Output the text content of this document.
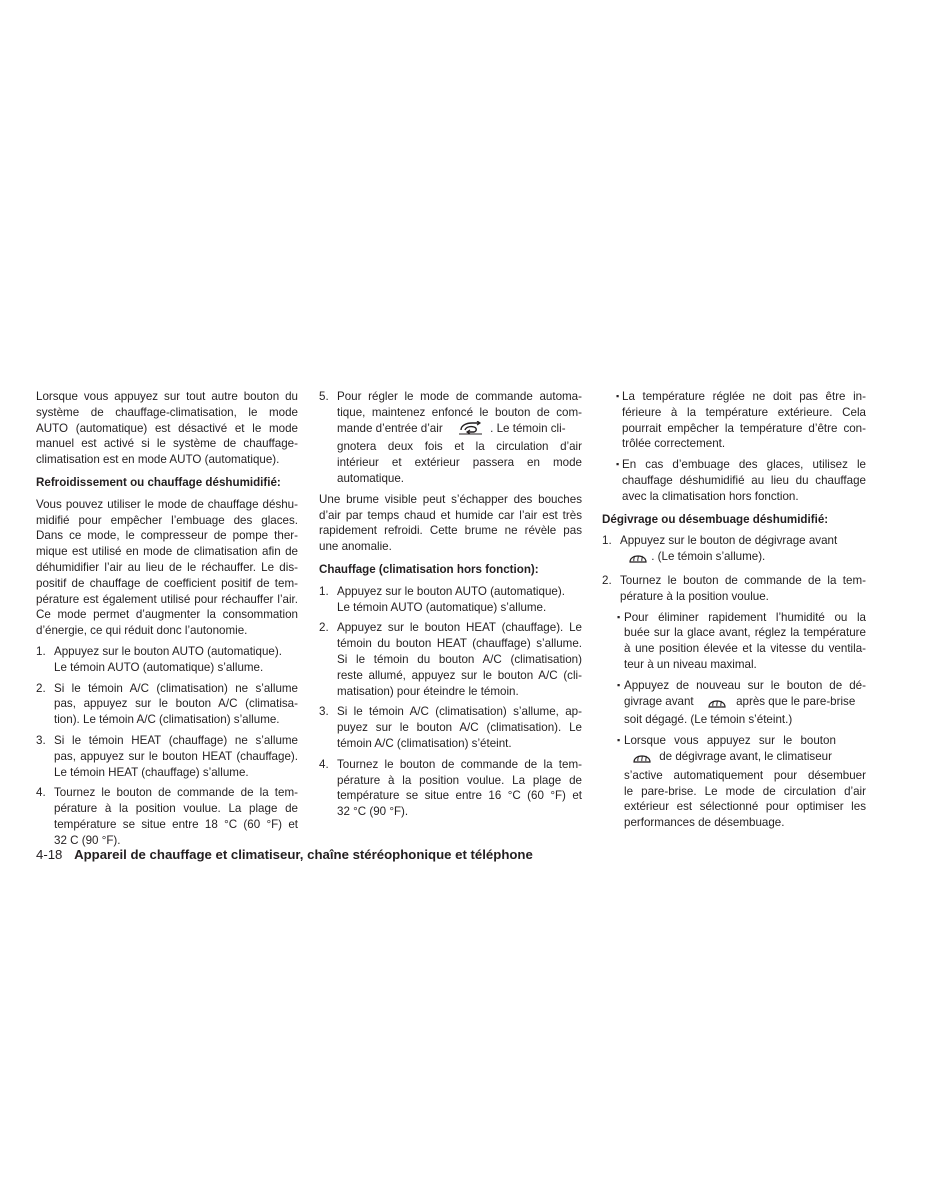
Lorsque vous appuyez sur tout autre bouton du
système de chauffage-climatisation, le mode
AUTO (automatique) est désactivé et le mode
manuel est activé si le système de chauffage-
climatisation est en mode AUTO (automatique).
Refroidissement ou chauffage déshumidifié:
Vous pouvez utiliser le mode de chauffage déshu-
midifié pour empêcher l’embuage des glaces.
Dans ce mode, le compresseur de pompe ther-
mique est utilisé en mode de climatisation afin de
déhumidifier l’air au lieu de le réchauffer. Le dis-
positif de chauffage de coefficient positif de tem-
pérature est également utilisé pour réchauffer l’air.
Ce mode permet d’augmenter la consommation
d’énergie, ce qui réduit donc l’autonomie.
1. Appuyez sur le bouton AUTO (automatique).
Le témoin AUTO (automatique) s’allume.
2. Si le témoin A/C (climatisation) ne s’allume
pas, appuyez sur le bouton A/C (climatisa-
tion). Le témoin A/C (climatisation) s’allume.
3. Si le témoin HEAT (chauffage) ne s’allume
pas, appuyez sur le bouton HEAT (chauffage).
Le témoin HEAT (chauffage) s’allume.
4. Tournez le bouton de commande de la tem-
pérature à la position voulue. La plage de
température se situe entre 18 °C (60 °F) et
32 C (90 °F).
5. Pour régler le mode de commande automa-
tique, maintenez enfoncé le bouton de com-
mande d’entrée d’air	. Le témoin cli-
gnotera deux fois et la circulation d’air
intérieur et extérieur passera en mode
automatique.
Une brume visible peut s’échapper des bouches
d’air par temps chaud et humide car l’air est très
rapidement refroidi. Cette brume ne révèle pas
une anomalie.
Chauffage (climatisation hors fonction):
1. Appuyez sur le bouton AUTO (automatique).
Le témoin AUTO (automatique) s’allume.
2. Appuyez sur le bouton HEAT (chauffage). Le
témoin du bouton HEAT (chauffage) s’allume.
Si le témoin du bouton A/C (climatisation)
reste allumé, appuyez sur le bouton A/C (cli-
matisation) pour éteindre le témoin.
3. Si le témoin A/C (climatisation) s’allume, ap-
puyez sur le bouton A/C (climatisation). Le
témoin A/C (climatisation) s’éteint.
4. Tournez le bouton de commande de la tem-
pérature à la position voulue. La plage de
température se situe entre 16 °C (60 °F) et
32 °C (90 °F).
▪ La température réglée ne doit pas être in-
férieure à la température extérieure. Cela
pourrait empêcher la température d’être con-
trôlée correctement.
▪ En cas d’embuage des glaces, utilisez le
chauffage déshumidifié au lieu du chauffage
avec la climatisation hors fonction.
Dégivrage ou désembuage déshumidifié:
1. Appuyez sur le bouton de dégivrage avant
. (Le témoin s’allume).
2. Tournez le bouton de commande de la tem-
pérature à la position voulue.
▪ Pour éliminer rapidement l’humidité ou la
buée sur la glace avant, réglez la température
à une position élevée et la vitesse du ventila-
teur à un niveau maximal.
▪ Appuyez de nouveau sur le bouton de dé-
givrage avant	après que le pare-brise
soit dégagé. (Le témoin s’éteint.)
▪ Lorsque vous appuyez sur le bouton
de dégivrage avant, le climatiseur
s’active automatiquement pour désembuer
le pare-brise. Le mode de circulation d’air
extérieur est sélectionné pour optimiser les
performances de désembuage.
4-18 Appareil de chauffage et climatiseur, chaîne stéréophonique et téléphone
